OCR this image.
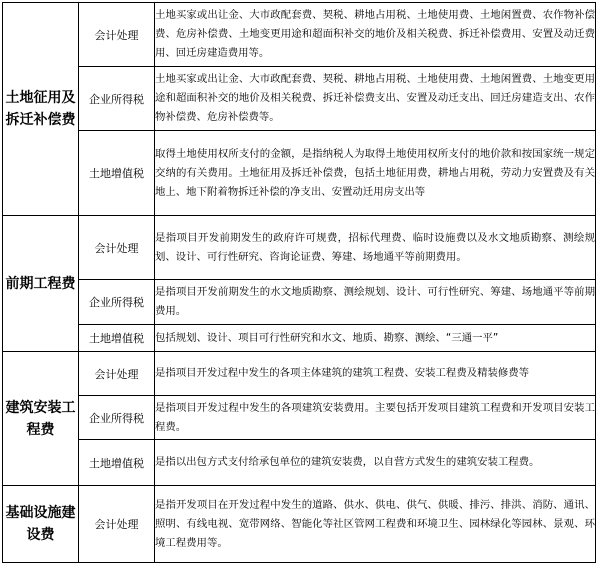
土地征用及拆迁补偿费	会计处理	土地买家或出让金、大市政配套费、契税、耕地占用税、土地使用费、土地闲置费、农作物补偿费、危房补偿费、土地变更用途和超面积补交的地价及相关税费、拆迁补偿费用、安置及动迁费用、回迁房建造费用等。
	企业所得税	土地买家或出让金、大市政配套费、契税、耕地占用税、土地使用费、土地闲置费、土地变更用途和超面积补交的地价及相关税费、拆迁补偿费支出、安置及动迁支出、回迁房建造支出、农作物补偿费、危房补偿费等。
	土地增值税	取得土地使用权所支付的金额，是指纳税人为取得土地使用权所支付的地价款和按国家统一规定交纳的有关费用。土地征用及拆迁补偿费，包括土地征用费，耕地占用税，劳动力安置费及有关地上、地下附着物拆迁补偿的净支出、安置动迁用房支出等
前期工程费	会计处理	是指项目开发前期发生的政府许可规费，招标代理费、临时设施费以及水文地质勘察、测绘规划、设计、可行性研究、咨询论证费、筹建、场地通平等前期费用。
	企业所得税	是指项目开发前期发生的水文地质勘察、测绘规划、设计、可行性研究、筹建、场地通平等前期费用。
	土地增值税	包括规划、设计、项目可行性研究和水文、地质、勘察、测绘、“三通一平”
建筑安装工程费	会计处理	是指项目开发过程中发生的各项主体建筑的建筑工程费、安装工程费及精装修费等
	企业所得税	是指项目开发过程中发生的各项建筑安装费用。主要包括开发项目建筑工程费和开发项目安装工程费。
	土地增值税	是指以出包方式支付给承包单位的建筑安装费，以自营方式发生的建筑安装工程费。
基础设施建设费	会计处理	是指开发项目在开发过程中发生的道路、供水、供电、供气、供暖、排污、排洪、消防、通讯、照明、有线电视、宽带网络、智能化等社区管网工程费和环境卫生、园林绿化等园林、景观、环境工程费用等。
